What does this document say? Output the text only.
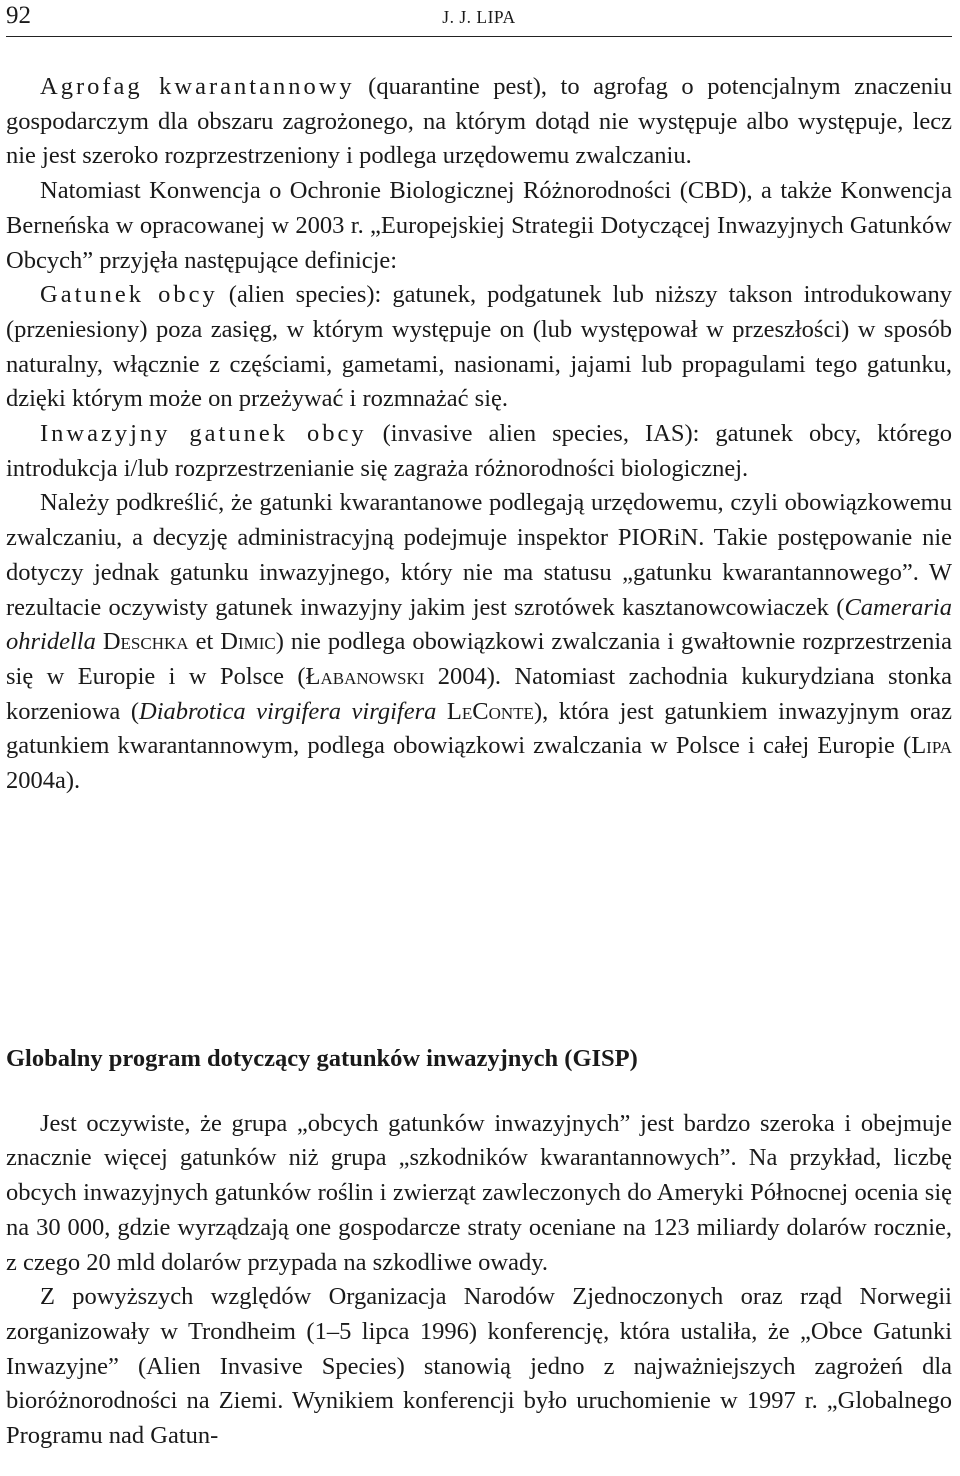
92	J. J. LIPA

Agrofag kwarantannowy (quarantine pest), to agrofag o potencjalnym znaczeniu gospodarczym dla obszaru zagrożonego, na którym dotąd nie występuje albo występuje, lecz nie jest szeroko rozprzestrzeniony i podlega urzędowemu zwalczaniu.

Natomiast Konwencja o Ochronie Biologicznej Różnorodności (CBD), a także Konwencja Berneńska w opracowanej w 2003 r. „Europejskiej Strategii Dotyczącej Inwazyjnych Gatunków Obcych” przyjęła następujące definicje:

Gatunek obcy (alien species): gatunek, podgatunek lub niższy takson introdukowany (przeniesiony) poza zasięg, w którym występuje on (lub występował w przeszłości) w sposób naturalny, włącznie z częściami, gametami, nasionami, jajami lub propagulami tego gatunku, dzięki którym może on przeżywać i rozmnażać się.

Inwazyjny gatunek obcy (invasive alien species, IAS): gatunek obcy, którego introdukcja i/lub rozprzestrzenianie się zagraża różnorodności biologicznej.

Należy podkreślić, że gatunki kwarantanowe podlegają urzędowemu, czyli obowiązkowemu zwalczaniu, a decyzję administracyjną podejmuje inspektor PIORiN. Takie postępowanie nie dotyczy jednak gatunku inwazyjnego, który nie ma statusu „gatunku kwarantannowego”. W rezultacie oczywisty gatunek inwazyjny jakim jest szrotówek kasztanowcowiaczek (Cameraria ohridella Deschka et Dimic) nie podlega obowiązkowi zwalczania i gwałtownie rozprzestrzenia się w Europie i w Polsce (Łabanowski 2004). Natomiast zachodnia kukurydziana stonka korzeniowa (Diabrotica virgifera virgifera LeConte), która jest gatunkiem inwazyjnym oraz gatunkiem kwarantannowym, podlega obowiązkowi zwalczania w Polsce i całej Europie (Lipa 2004a).

Globalny program dotyczący gatunków inwazyjnych (GISP)

Jest oczywiste, że grupa „obcych gatunków inwazyjnych” jest bardzo szeroka i obejmuje znacznie więcej gatunków niż grupa „szkodników kwarantannowych”. Na przykład, liczbę obcych inwazyjnych gatunków roślin i zwierząt zawleczonych do Ameryki Północnej ocenia się na 30 000, gdzie wyrządzają one gospodarcze straty oceniane na 123 miliardy dolarów rocznie, z czego 20 mld dolarów przypada na szkodliwe owady.

Z powyższych względów Organizacja Narodów Zjednoczonych oraz rząd Norwegii zorganizowały w Trondheim (1–5 lipca 1996) konferencję, która ustaliła, że „Obce Gatunki Inwazyjne” (Alien Invasive Species) stanowią jedno z najważniejszych zagrożeń dla bioróżnorodności na Ziemi. Wynikiem konferencji było uruchomienie w 1997 r. „Globalnego Programu nad Gatun-
